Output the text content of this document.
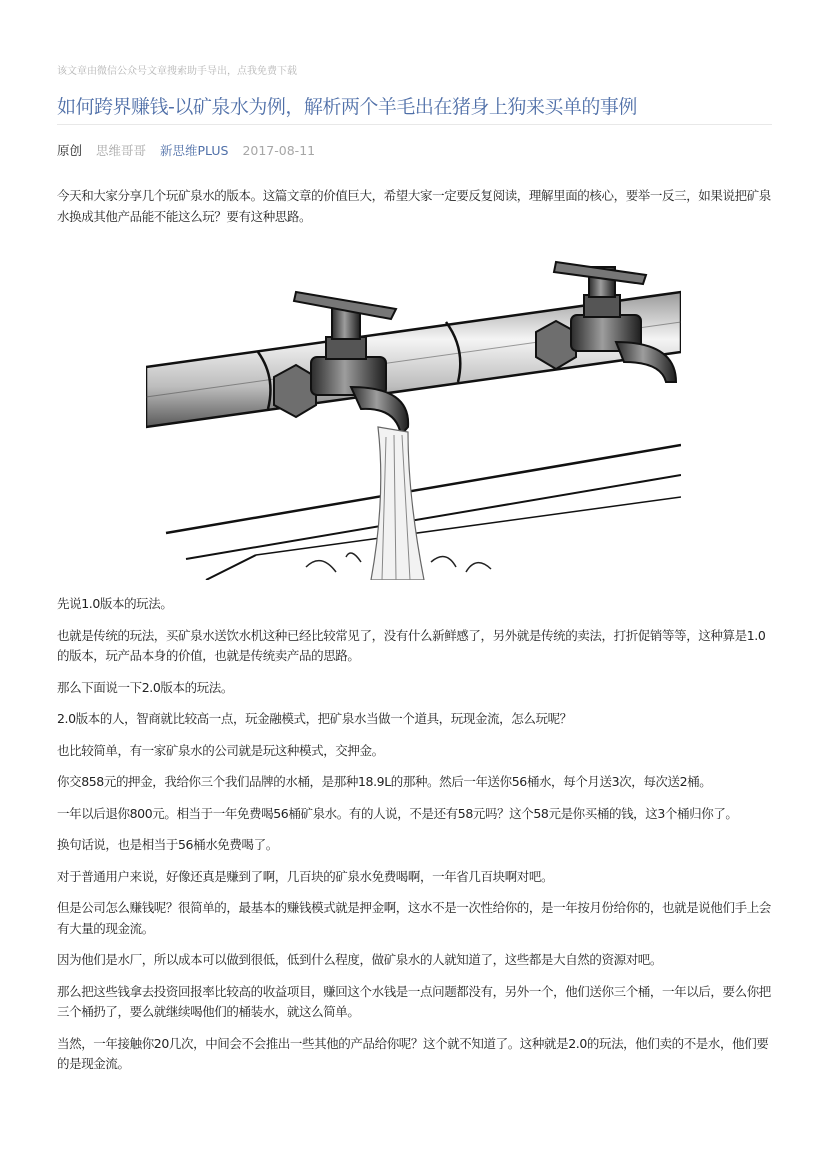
该文章由微信公众号文章搜索助手导出，点我免费下载
如何跨界赚钱-以矿泉水为例，解析两个羊毛出在猪身上狗来买单的事例
原创 思维哥哥 新思维PLUS 2017-08-11

今天和大家分享几个玩矿泉水的版本。这篇文章的价值巨大，希望大家一定要反复阅读，理解里面的核心，要举一反三，如果说把矿泉水换成其他产品能不能这么玩？要有这种思路。

先说1.0版本的玩法。

也就是传统的玩法，买矿泉水送饮水机这种已经比较常见了，没有什么新鲜感了，另外就是传统的卖法，打折促销等等，这种算是1.0的版本，玩产品本身的价值，也就是传统卖产品的思路。

那么下面说一下2.0版本的玩法。

2.0版本的人，智商就比较高一点，玩金融模式，把矿泉水当做一个道具，玩现金流，怎么玩呢？

也比较简单，有一家矿泉水的公司就是玩这种模式，交押金。

你交858元的押金，我给你三个我们品牌的水桶，是那种18.9L的那种。然后一年送你56桶水，每个月送3次，每次送2桶。

一年以后退你800元。相当于一年免费喝56桶矿泉水。有的人说，不是还有58元吗？这个58元是你买桶的钱，这3个桶归你了。

换句话说，也是相当于56桶水免费喝了。

对于普通用户来说，好像还真是赚到了啊，几百块的矿泉水免费喝啊，一年省几百块啊对吧。

但是公司怎么赚钱呢？很简单的，最基本的赚钱模式就是押金啊，这水不是一次性给你的，是一年按月份给你的，也就是说他们手上会有大量的现金流。

因为他们是水厂，所以成本可以做到很低，低到什么程度，做矿泉水的人就知道了，这些都是大自然的资源对吧。

那么把这些钱拿去投资回报率比较高的收益项目，赚回这个水钱是一点问题都没有，另外一个，他们送你三个桶，一年以后，要么你把三个桶扔了，要么就继续喝他们的桶装水，就这么简单。

当然，一年接触你20几次，中间会不会推出一些其他的产品给你呢？这个就不知道了。这种就是2.0的玩法，他们卖的不是水，他们要的是现金流。
